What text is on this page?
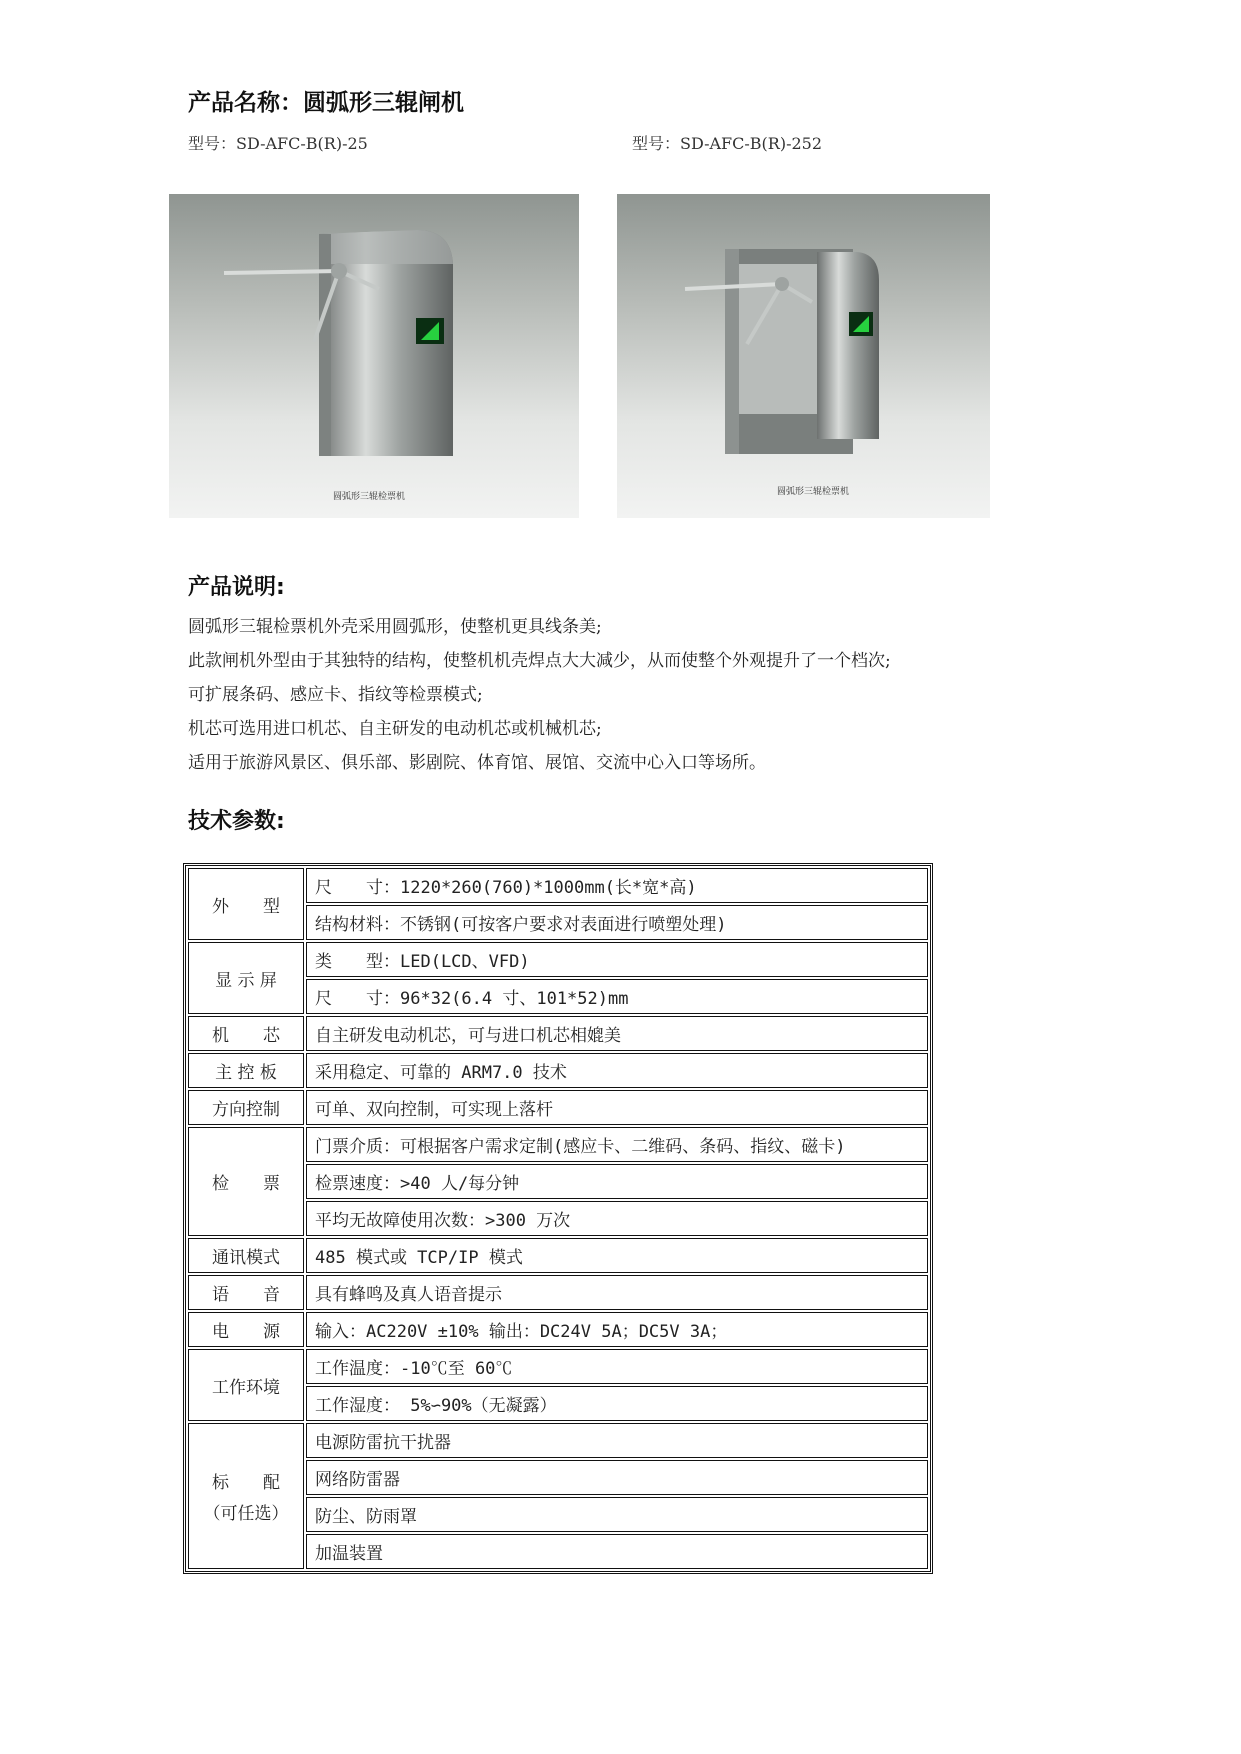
产品名称：圆弧形三辊闸机
型号：SD-AFC-B(R)-25	型号：SD-AFC-B(R)-252
圆弧形三辊检票机	圆弧形三辊检票机
产品说明:
圆弧形三辊检票机外壳采用圆弧形，使整机更具线条美;
此款闸机外型由于其独特的结构，使整机机壳焊点大大减少，从而使整个外观提升了一个档次;
可扩展条码、感应卡、指纹等检票模式;
机芯可选用进口机芯、自主研发的电动机芯或机械机芯;
适用于旅游风景区、俱乐部、影剧院、体育馆、展馆、交流中心入口等场所。
技术参数:
外　　型	尺　　寸：1220*260(760)*1000mm(长*宽*高)
	结构材料：不锈钢(可按客户要求对表面进行喷塑处理)
显 示 屏	类　　型：LED(LCD、VFD)
	尺　　寸：96*32(6.4 寸、101*52)mm
机　　芯	自主研发电动机芯，可与进口机芯相媲美
主 控 板	采用稳定、可靠的 ARM7.0 技术
方向控制	可单、双向控制，可实现上落杆
检　　票	门票介质：可根据客户需求定制(感应卡、二维码、条码、指纹、磁卡)
	检票速度：>40 人/每分钟
	平均无故障使用次数：>300 万次
通讯模式	485 模式或 TCP/IP 模式
语　　音	具有蜂鸣及真人语音提示
电　　源	输入：AC220V ±10% 输出：DC24V 5A；DC5V 3A；
工作环境	工作温度：-10℃至 60℃
	工作湿度： 5%∽90%（无凝露）
标　　配
（可任选）	电源防雷抗干扰器
	网络防雷器
	防尘、防雨罩
	加温装置
